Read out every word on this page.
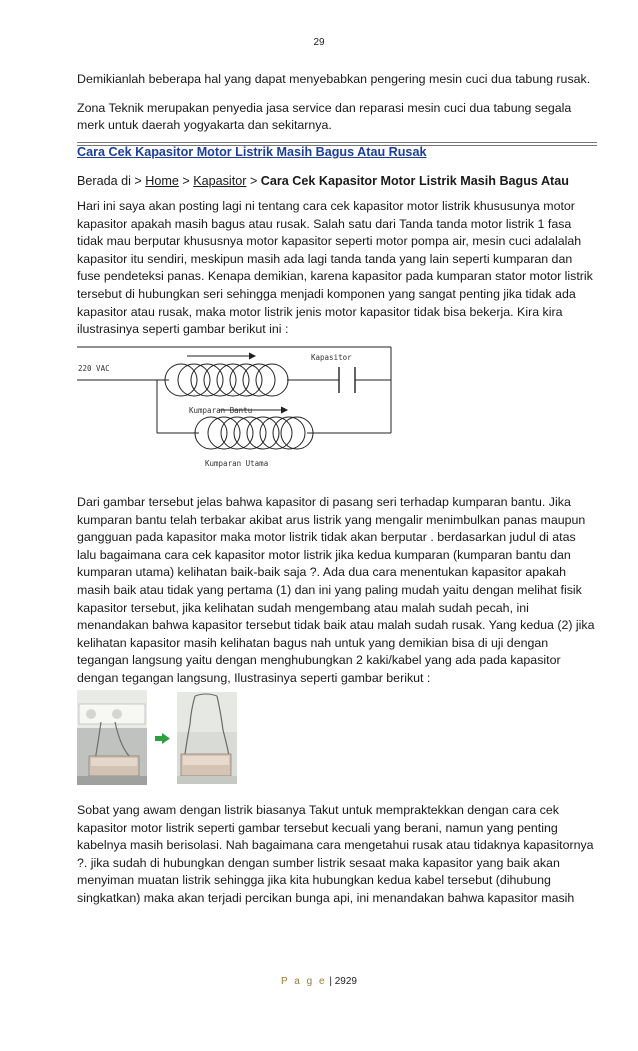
29

Demikianlah beberapa hal yang dapat menyebabkan pengering mesin cuci dua tabung rusak.

Zona Teknik merupakan penyedia jasa service dan reparasi mesin cuci dua tabung segala merk untuk daerah yogyakarta dan sekitarnya.

Cara Cek Kapasitor Motor Listrik Masih Bagus Atau Rusak
Berada di > Home > Kapasitor > Cara Cek Kapasitor Motor Listrik Masih Bagus Atau

Hari ini saya akan posting lagi ni tentang cara cek kapasitor motor listrik khususunya motor kapasitor apakah masih bagus atau rusak. Salah satu dari Tanda tanda motor listrik 1 fasa tidak mau berputar khususnya motor kapasitor seperti motor pompa air, mesin cuci adalalah kapasitor itu sendiri, meskipun masih ada lagi tanda tanda yang lain seperti kumparan dan fuse pendeteksi panas. Kenapa demikian, karena kapasitor pada kumparan stator motor listrik tersebut di hubungkan seri sehingga menjadi komponen yang sangat penting jika tidak ada kapasitor atau rusak, maka motor listrik jenis motor kapasitor tidak bisa bekerja. Kira kira ilustrasinya seperti gambar berikut ini :

220 VAC
Kapasitor
Kumparan Bantu
Kumparan Utama

Dari gambar tersebut jelas bahwa kapasitor di pasang seri terhadap kumparan bantu. Jika kumparan bantu telah terbakar akibat arus listrik yang mengalir menimbulkan panas maupun gangguan pada kapasitor maka motor listrik tidak akan berputar . berdasarkan judul di atas lalu bagaimana cara cek kapasitor motor listrik jika kedua kumparan (kumparan bantu dan kumparan utama) kelihatan baik-baik saja ?. Ada dua cara menentukan kapasitor apakah masih baik atau tidak yang pertama (1) dan ini yang paling mudah yaitu dengan melihat fisik kapasitor tersebut, jika kelihatan sudah mengembang atau malah sudah pecah, ini menandakan bahwa kapasitor tersebut tidak baik atau malah sudah rusak. Yang kedua (2) jika kelihatan kapasitor masih kelihatan bagus nah untuk yang demikian bisa di uji dengan tegangan langsung yaitu dengan menghubungkan 2 kaki/kabel yang ada pada kapasitor dengan tegangan langsung, Ilustrasinya seperti gambar berikut :

Sobat yang awam dengan listrik biasanya Takut untuk mempraktekkan dengan cara cek kapasitor motor listrik seperti gambar tersebut kecuali yang berani, namun yang penting kabelnya masih berisolasi. Nah bagaimana cara mengetahui rusak atau tidaknya kapasitornya ?. jika sudah di hubungkan dengan sumber listrik sesaat maka kapasitor yang baik akan menyiman muatan listrik sehingga jika kita hubungkan kedua kabel tersebut (dihubung singkatkan) maka akan terjadi percikan bunga api, ini menandakan bahwa kapasitor masih

P a g e | 2929
